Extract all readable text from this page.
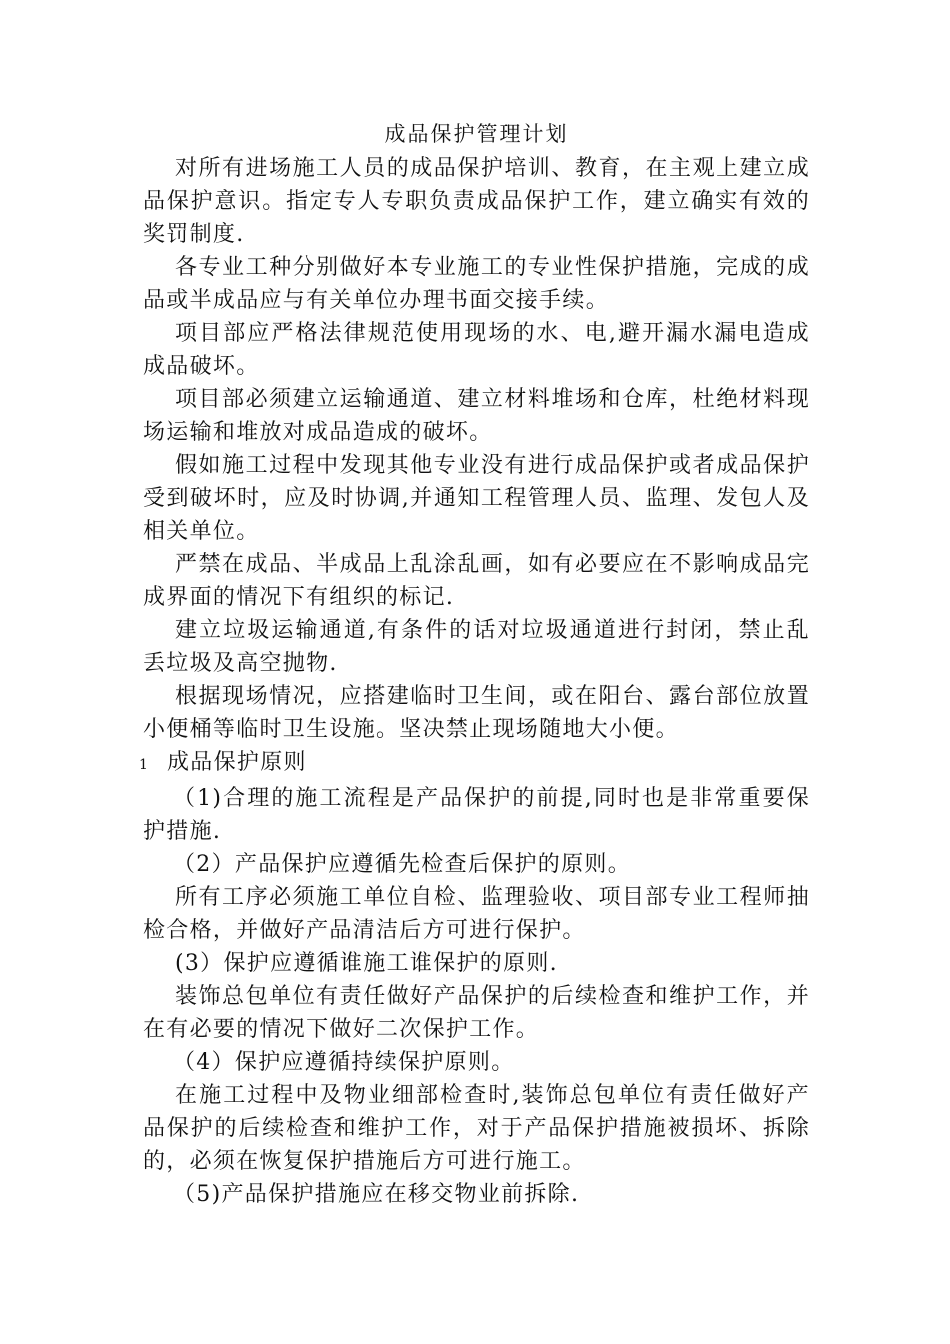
成品保护管理计划

对所有进场施工人员的成品保护培训、教育，在主观上建立成品保护意识。指定专人专职负责成品保护工作，建立确实有效的奖罚制度.

各专业工种分别做好本专业施工的专业性保护措施，完成的成品或半成品应与有关单位办理书面交接手续。

项目部应严格法律规范使用现场的水、电,避开漏水漏电造成成品破坏。

项目部必须建立运输通道、建立材料堆场和仓库，杜绝材料现场运输和堆放对成品造成的破坏。

假如施工过程中发现其他专业没有进行成品保护或者成品保护受到破坏时，应及时协调,并通知工程管理人员、监理、发包人及相关单位。

严禁在成品、半成品上乱涂乱画，如有必要应在不影响成品完成界面的情况下有组织的标记.

建立垃圾运输通道,有条件的话对垃圾通道进行封闭，禁止乱丢垃圾及高空抛物.

根据现场情况，应搭建临时卫生间，或在阳台、露台部位放置小便桶等临时卫生设施。坚决禁止现场随地大小便。

1 成品保护原则

（1)合理的施工流程是产品保护的前提,同时也是非常重要保护措施.

（2）产品保护应遵循先检查后保护的原则。

所有工序必须施工单位自检、监理验收、项目部专业工程师抽检合格，并做好产品清洁后方可进行保护。

(3）保护应遵循谁施工谁保护的原则.

装饰总包单位有责任做好产品保护的后续检查和维护工作，并在有必要的情况下做好二次保护工作。

（4）保护应遵循持续保护原则。

在施工过程中及物业细部检查时,装饰总包单位有责任做好产品保护的后续检查和维护工作，对于产品保护措施被损坏、拆除的，必须在恢复保护措施后方可进行施工。

（5)产品保护措施应在移交物业前拆除.
